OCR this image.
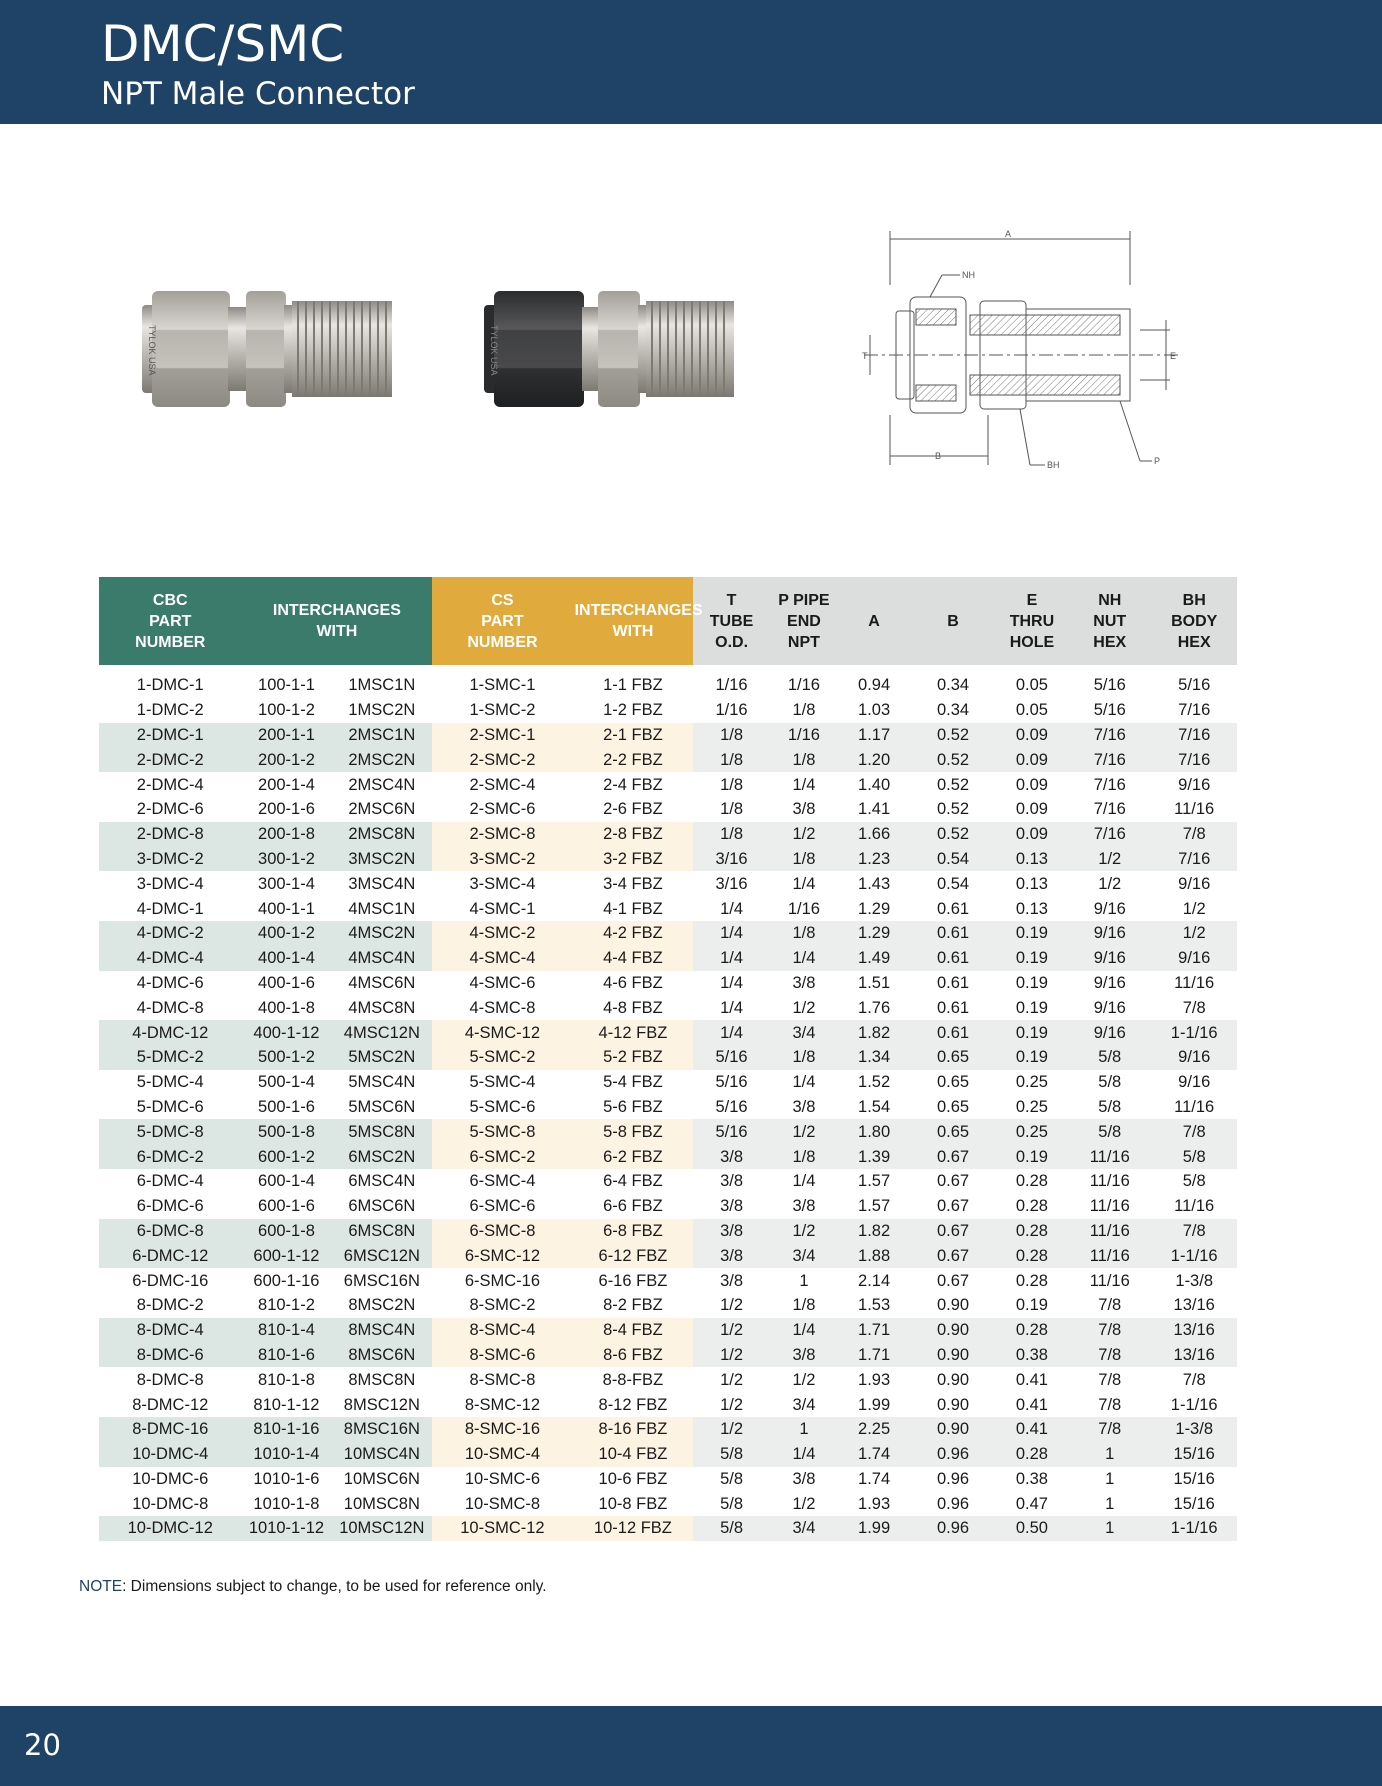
DMC/SMC
NPT Male Connector
TYLOK USA	TYLOK USA
A
NH
T	E
B
BH	P
CBC
PART
NUMBER	INTERCHANGES
WITH		CS
PART
NUMBER	INTERCHANGES
WITH	T
TUBE
O.D.	P PIPE
END
NPT	A	B	E
THRU
HOLE	NH
NUT
HEX	BH
BODY
HEX

1-DMC-1	100-1-1	1MSC1N	1-SMC-1	1-1 FBZ	1/16	1/16	0.94	0.34	0.05	5/16	5/16
1-DMC-2	100-1-2	1MSC2N	1-SMC-2	1-2 FBZ	1/16	1/8	1.03	0.34	0.05	5/16	7/16
2-DMC-1	200-1-1	2MSC1N	2-SMC-1	2-1 FBZ	1/8	1/16	1.17	0.52	0.09	7/16	7/16
2-DMC-2	200-1-2	2MSC2N	2-SMC-2	2-2 FBZ	1/8	1/8	1.20	0.52	0.09	7/16	7/16
2-DMC-4	200-1-4	2MSC4N	2-SMC-4	2-4 FBZ	1/8	1/4	1.40	0.52	0.09	7/16	9/16
2-DMC-6	200-1-6	2MSC6N	2-SMC-6	2-6 FBZ	1/8	3/8	1.41	0.52	0.09	7/16	11/16
2-DMC-8	200-1-8	2MSC8N	2-SMC-8	2-8 FBZ	1/8	1/2	1.66	0.52	0.09	7/16	7/8
3-DMC-2	300-1-2	3MSC2N	3-SMC-2	3-2 FBZ	3/16	1/8	1.23	0.54	0.13	1/2	7/16
3-DMC-4	300-1-4	3MSC4N	3-SMC-4	3-4 FBZ	3/16	1/4	1.43	0.54	0.13	1/2	9/16
4-DMC-1	400-1-1	4MSC1N	4-SMC-1	4-1 FBZ	1/4	1/16	1.29	0.61	0.13	9/16	1/2
4-DMC-2	400-1-2	4MSC2N	4-SMC-2	4-2 FBZ	1/4	1/8	1.29	0.61	0.19	9/16	1/2
4-DMC-4	400-1-4	4MSC4N	4-SMC-4	4-4 FBZ	1/4	1/4	1.49	0.61	0.19	9/16	9/16
4-DMC-6	400-1-6	4MSC6N	4-SMC-6	4-6 FBZ	1/4	3/8	1.51	0.61	0.19	9/16	11/16
4-DMC-8	400-1-8	4MSC8N	4-SMC-8	4-8 FBZ	1/4	1/2	1.76	0.61	0.19	9/16	7/8
4-DMC-12	400-1-12	4MSC12N	4-SMC-12	4-12 FBZ	1/4	3/4	1.82	0.61	0.19	9/16	1-1/16
5-DMC-2	500-1-2	5MSC2N	5-SMC-2	5-2 FBZ	5/16	1/8	1.34	0.65	0.19	5/8	9/16
5-DMC-4	500-1-4	5MSC4N	5-SMC-4	5-4 FBZ	5/16	1/4	1.52	0.65	0.25	5/8	9/16
5-DMC-6	500-1-6	5MSC6N	5-SMC-6	5-6 FBZ	5/16	3/8	1.54	0.65	0.25	5/8	11/16
5-DMC-8	500-1-8	5MSC8N	5-SMC-8	5-8 FBZ	5/16	1/2	1.80	0.65	0.25	5/8	7/8
6-DMC-2	600-1-2	6MSC2N	6-SMC-2	6-2 FBZ	3/8	1/8	1.39	0.67	0.19	11/16	5/8
6-DMC-4	600-1-4	6MSC4N	6-SMC-4	6-4 FBZ	3/8	1/4	1.57	0.67	0.28	11/16	5/8
6-DMC-6	600-1-6	6MSC6N	6-SMC-6	6-6 FBZ	3/8	3/8	1.57	0.67	0.28	11/16	11/16
6-DMC-8	600-1-8	6MSC8N	6-SMC-8	6-8 FBZ	3/8	1/2	1.82	0.67	0.28	11/16	7/8
6-DMC-12	600-1-12	6MSC12N	6-SMC-12	6-12 FBZ	3/8	3/4	1.88	0.67	0.28	11/16	1-1/16
6-DMC-16	600-1-16	6MSC16N	6-SMC-16	6-16 FBZ	3/8	1	2.14	0.67	0.28	11/16	1-3/8
8-DMC-2	810-1-2	8MSC2N	8-SMC-2	8-2 FBZ	1/2	1/8	1.53	0.90	0.19	7/8	13/16
8-DMC-4	810-1-4	8MSC4N	8-SMC-4	8-4 FBZ	1/2	1/4	1.71	0.90	0.28	7/8	13/16
8-DMC-6	810-1-6	8MSC6N	8-SMC-6	8-6 FBZ	1/2	3/8	1.71	0.90	0.38	7/8	13/16
8-DMC-8	810-1-8	8MSC8N	8-SMC-8	8-8-FBZ	1/2	1/2	1.93	0.90	0.41	7/8	7/8
8-DMC-12	810-1-12	8MSC12N	8-SMC-12	8-12 FBZ	1/2	3/4	1.99	0.90	0.41	7/8	1-1/16
8-DMC-16	810-1-16	8MSC16N	8-SMC-16	8-16 FBZ	1/2	1	2.25	0.90	0.41	7/8	1-3/8
10-DMC-4	1010-1-4	10MSC4N	10-SMC-4	10-4 FBZ	5/8	1/4	1.74	0.96	0.28	1	15/16
10-DMC-6	1010-1-6	10MSC6N	10-SMC-6	10-6 FBZ	5/8	3/8	1.74	0.96	0.38	1	15/16
10-DMC-8	1010-1-8	10MSC8N	10-SMC-8	10-8 FBZ	5/8	1/2	1.93	0.96	0.47	1	15/16
10-DMC-12	1010-1-12	10MSC12N	10-SMC-12	10-12 FBZ	5/8	3/4	1.99	0.96	0.50	1	1-1/16
NOTE: Dimensions subject to change, to be used for reference only.
20
